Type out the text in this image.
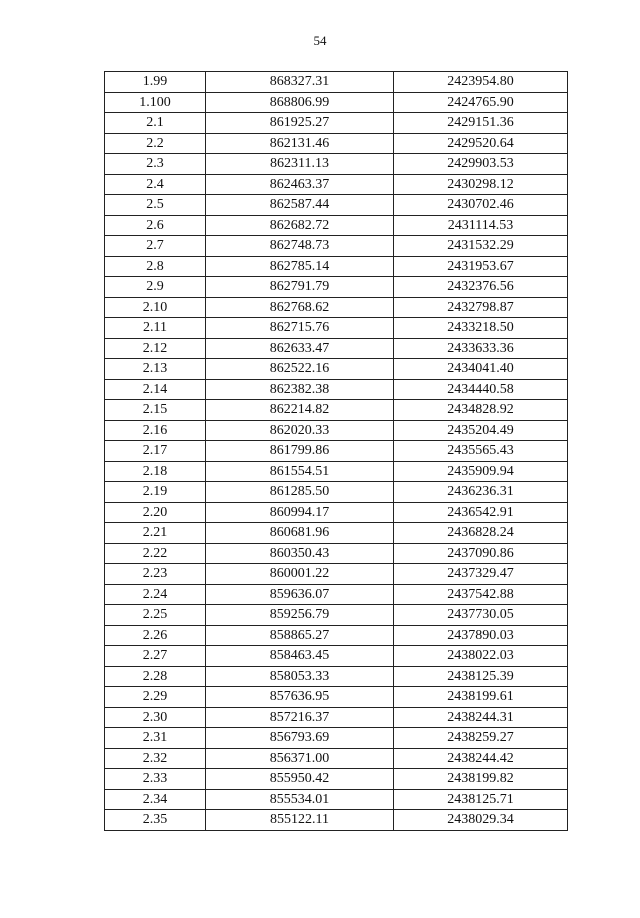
54
1.99	868327.31	2423954.80
1.100	868806.99	2424765.90
2.1	861925.27	2429151.36
2.2	862131.46	2429520.64
2.3	862311.13	2429903.53
2.4	862463.37	2430298.12
2.5	862587.44	2430702.46
2.6	862682.72	2431114.53
2.7	862748.73	2431532.29
2.8	862785.14	2431953.67
2.9	862791.79	2432376.56
2.10	862768.62	2432798.87
2.11	862715.76	2433218.50
2.12	862633.47	2433633.36
2.13	862522.16	2434041.40
2.14	862382.38	2434440.58
2.15	862214.82	2434828.92
2.16	862020.33	2435204.49
2.17	861799.86	2435565.43
2.18	861554.51	2435909.94
2.19	861285.50	2436236.31
2.20	860994.17	2436542.91
2.21	860681.96	2436828.24
2.22	860350.43	2437090.86
2.23	860001.22	2437329.47
2.24	859636.07	2437542.88
2.25	859256.79	2437730.05
2.26	858865.27	2437890.03
2.27	858463.45	2438022.03
2.28	858053.33	2438125.39
2.29	857636.95	2438199.61
2.30	857216.37	2438244.31
2.31	856793.69	2438259.27
2.32	856371.00	2438244.42
2.33	855950.42	2438199.82
2.34	855534.01	2438125.71
2.35	855122.11	2438029.34
